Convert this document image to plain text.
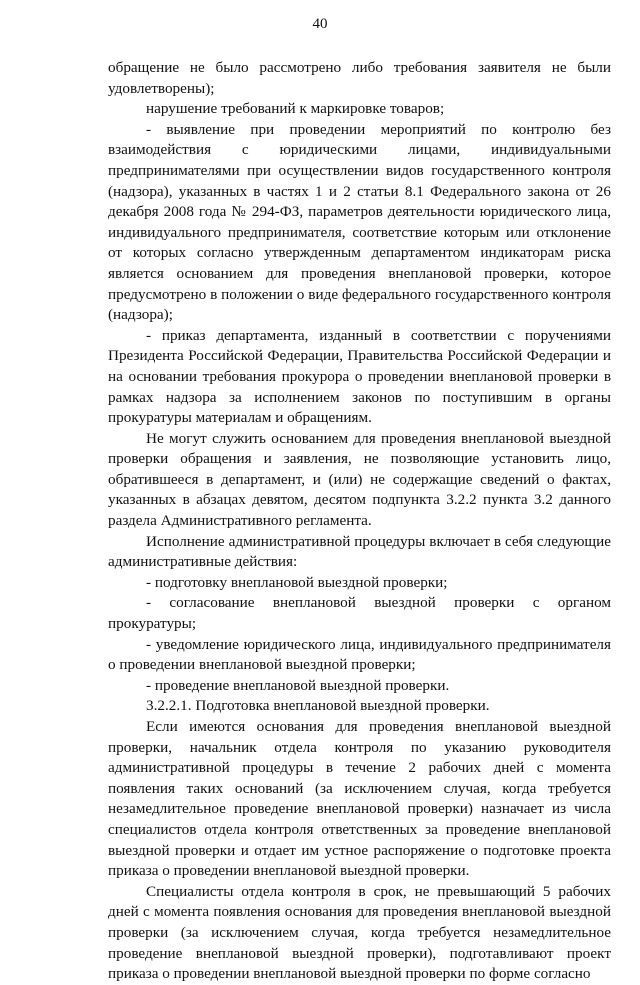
40

обращение не было рассмотрено либо требования заявителя не были удовлетворены);

нарушение требований к маркировке товаров;

- выявление при проведении мероприятий по контролю без взаимодействия с юридическими лицами, индивидуальными предпринимателями при осуществлении видов государственного контроля (надзора), указанных в частях 1 и 2 статьи 8.1 Федерального закона от 26 декабря 2008 года № 294-ФЗ, параметров деятельности юридического лица, индивидуального предпринимателя, соответствие которым или отклонение от которых согласно утвержденным департаментом индикаторам риска является основанием для проведения внеплановой проверки, которое предусмотрено в положении о виде федерального государственного контроля (надзора);

- приказ департамента, изданный в соответствии с поручениями Президента Российской Федерации, Правительства Российской Федерации и на основании требования прокурора о проведении внеплановой проверки в рамках надзора за исполнением законов по поступившим в органы прокуратуры материалам и обращениям.

Не могут служить основанием для проведения внеплановой выездной проверки обращения и заявления, не позволяющие установить лицо, обратившееся в департамент, и (или) не содержащие сведений о фактах, указанных в абзацах девятом, десятом подпункта 3.2.2 пункта 3.2 данного раздела Административного регламента.

Исполнение административной процедуры включает в себя следующие административные действия:

- подготовку внеплановой выездной проверки;

- согласование внеплановой выездной проверки с органом прокуратуры;

- уведомление юридического лица, индивидуального предпринимателя о проведении внеплановой выездной проверки;

- проведение внеплановой выездной проверки.

3.2.2.1. Подготовка внеплановой выездной проверки.

Если имеются основания для проведения внеплановой выездной проверки, начальник отдела контроля по указанию руководителя административной процедуры в течение 2 рабочих дней с момента появления таких оснований (за исключением случая, когда требуется незамедлительное проведение внеплановой проверки) назначает из числа специалистов отдела контроля ответственных за проведение внеплановой выездной проверки и отдает им устное распоряжение о подготовке проекта приказа о проведении внеплановой выездной проверки.

Специалисты отдела контроля в срок, не превышающий 5 рабочих дней с момента появления основания для проведения внеплановой выездной проверки (за исключением случая, когда требуется незамедлительное проведение внеплановой выездной проверки), подготавливают проект приказа о проведении внеплановой выездной проверки по форме согласно
